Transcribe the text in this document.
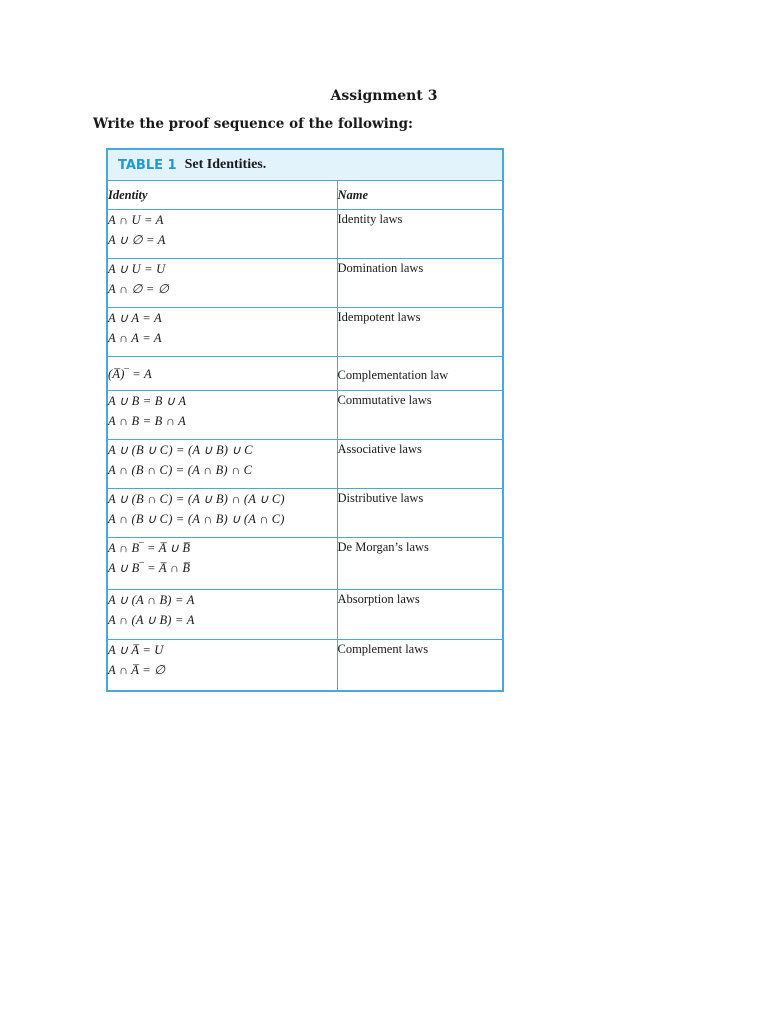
Assignment 3
Write the proof sequence of the following:
TABLE 1 Set Identities.
Identity	Name

A ∩ U = A
A ∪ ∅ = A	Identity laws

A ∪ U = U
A ∩ ∅ = ∅	Domination laws

A ∪ A = A
A ∩ A = A	Idempotent laws

(A̅)‾ = A	Complementation law

A ∪ B = B ∪ A
A ∩ B = B ∩ A	Commutative laws

A ∪ (B ∪ C) = (A ∪ B) ∪ C
A ∩ (B ∩ C) = (A ∩ B) ∩ C	Associative laws

A ∪ (B ∩ C) = (A ∪ B) ∩ (A ∪ C)
A ∩ (B ∪ C) = (A ∩ B) ∪ (A ∩ C)	Distributive laws

A ∩ B‾ = A̅ ∪ B̅
A ∪ B‾ = A̅ ∩ B̅	De Morgan’s laws

A ∪ (A ∩ B) = A
A ∩ (A ∪ B) = A	Absorption laws

A ∪ A̅ = U
A ∩ A̅ = ∅	Complement laws
